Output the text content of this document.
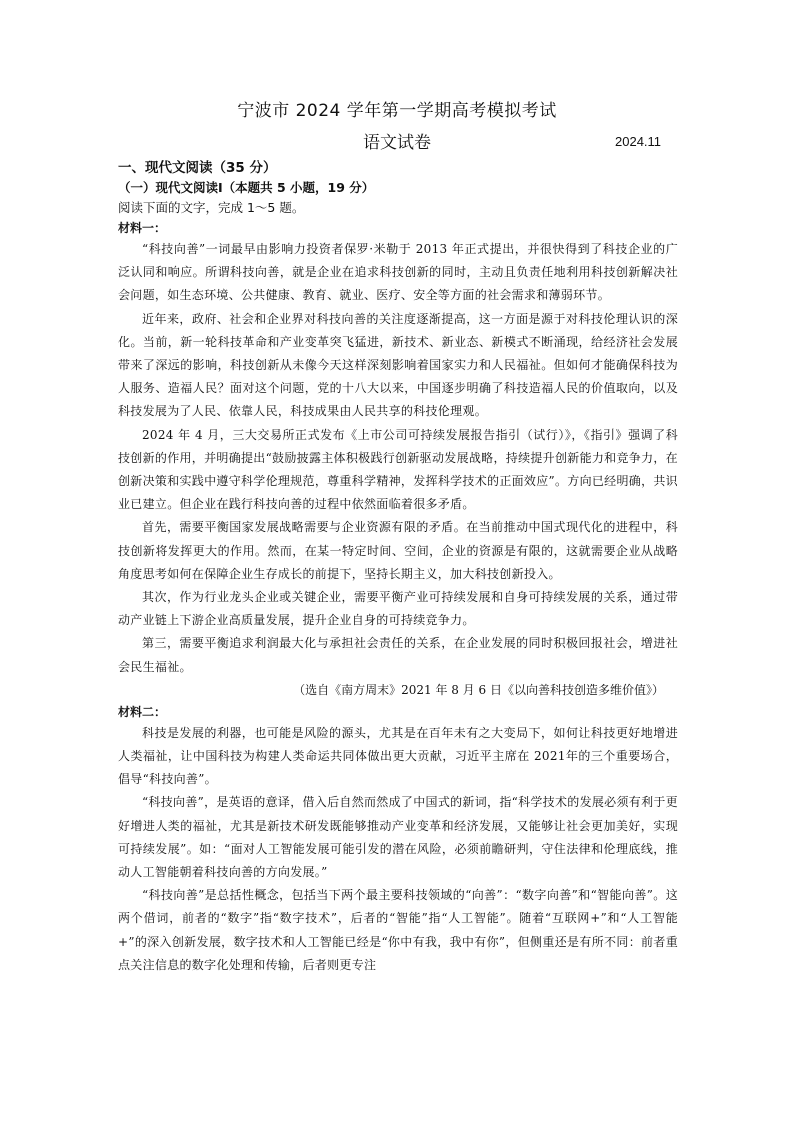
宁波市 2024 学年第一学期高考模拟考试
语文试卷	2024.11

一、现代文阅读（35 分）

（一）现代文阅读Ⅰ（本题共 5 小题，19 分）

阅读下面的文字，完成 1～5 题。

材料一：

“科技向善”一词最早由影响力投资者保罗·米勒于 2013 年正式提出，并很快得到了科技企业的广泛认同和响应。所谓科技向善，就是企业在追求科技创新的同时，主动且负责任地利用科技创新解决社会问题，如生态环境、公共健康、教育、就业、医疗、安全等方面的社会需求和薄弱环节。

近年来，政府、社会和企业界对科技向善的关注度逐渐提高，这一方面是源于对科技伦理认识的深化。当前，新一轮科技革命和产业变革突飞猛进，新技术、新业态、新模式不断涌现，给经济社会发展带来了深远的影响，科技创新从未像今天这样深刻影响着国家实力和人民福祉。但如何才能确保科技为人服务、造福人民？面对这个问题，党的十八大以来，中国逐步明确了科技造福人民的价值取向，以及科技发展为了人民、依靠人民，科技成果由人民共享的科技伦理观。

2024 年 4 月，三大交易所正式发布《上市公司可持续发展报告指引（试行）》，《指引》强调了科技创新的作用，并明确提出“鼓励披露主体积极践行创新驱动发展战略，持续提升创新能力和竞争力，在创新决策和实践中遵守科学伦理规范，尊重科学精神，发挥科学技术的正面效应”。方向已经明确，共识业已建立。但企业在践行科技向善的过程中依然面临着很多矛盾。

首先，需要平衡国家发展战略需要与企业资源有限的矛盾。在当前推动中国式现代化的进程中，科技创新将发挥更大的作用。然而，在某一特定时间、空间，企业的资源是有限的，这就需要企业从战略角度思考如何在保障企业生存成长的前提下，坚持长期主义，加大科技创新投入。

其次，作为行业龙头企业或关键企业，需要平衡产业可持续发展和自身可持续发展的关系，通过带动产业链上下游企业高质量发展，提升企业自身的可持续竞争力。

第三，需要平衡追求利润最大化与承担社会责任的关系，在企业发展的同时积极回报社会，增进社会民生福祉。

（选自《南方周末》2021 年 8 月 6 日《以向善科技创造多维价值》）

材料二：

科技是发展的利器，也可能是风险的源头，尤其是在百年未有之大变局下，如何让科技更好地增进人类福祉，让中国科技为构建人类命运共同体做出更大贡献，习近平主席在 2021年的三个重要场合，倡导“科技向善”。

“科技向善”，是英语的意译，借入后自然而然成了中国式的新词，指“科学技术的发展必须有利于更好增进人类的福祉，尤其是新技术研发既能够推动产业变革和经济发展，又能够让社会更加美好，实现可持续发展”。如：“面对人工智能发展可能引发的潜在风险，必须前瞻研判，守住法律和伦理底线，推动人工智能朝着科技向善的方向发展。”

“科技向善”是总括性概念，包括当下两个最主要科技领域的“向善”：“数字向善”和“智能向善”。这两个借词，前者的“数字”指“数字技术”，后者的“智能”指“人工智能”。随着“互联网+”和“人工智能+”的深入创新发展，数字技术和人工智能已经是“你中有我，我中有你”，但侧重还是有所不同：前者重点关注信息的数字化处理和传输，后者则更专注
